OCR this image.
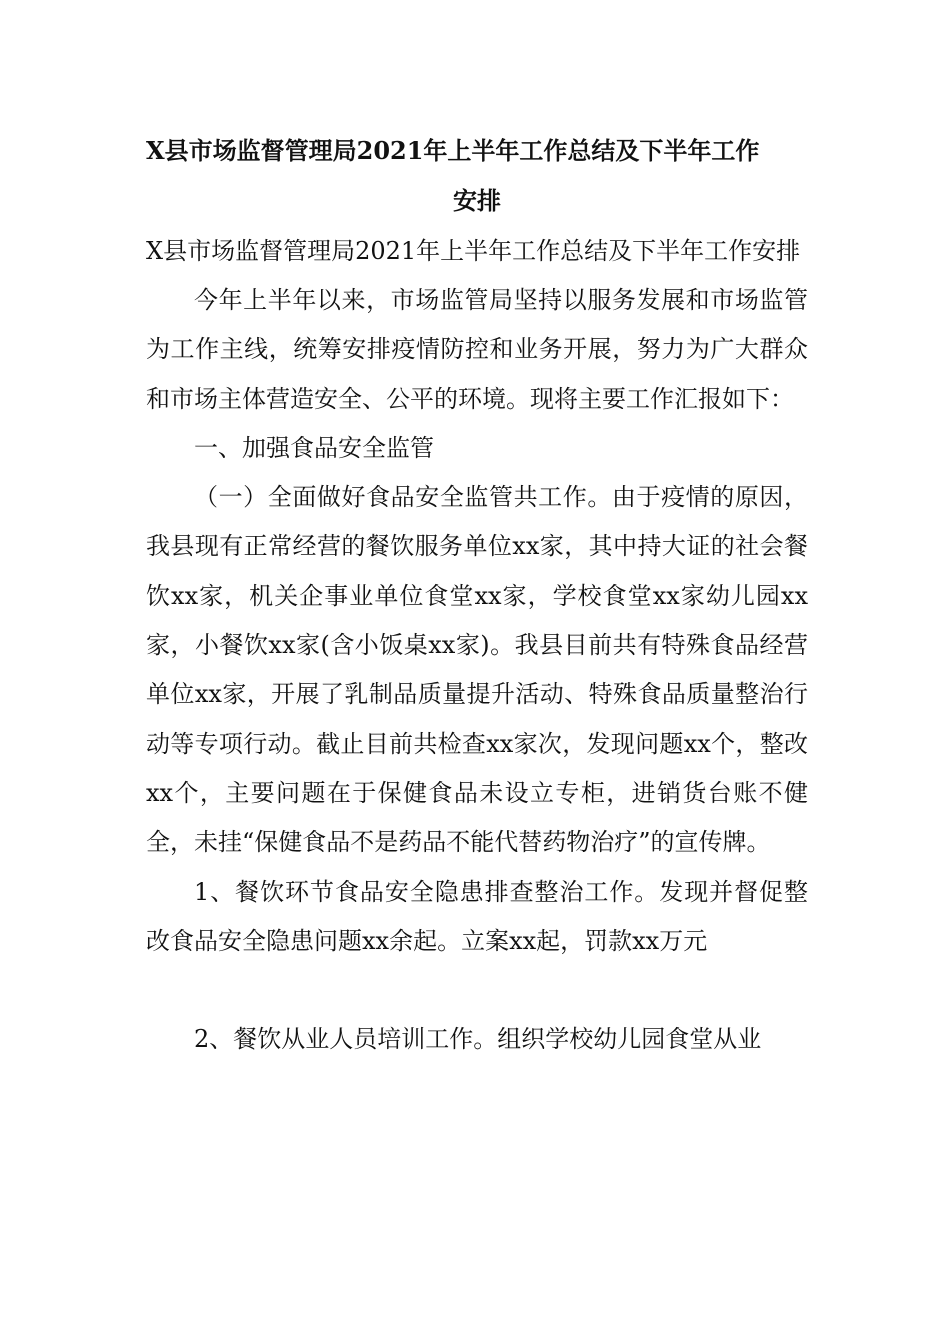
X县市场监督管理局2021年上半年工作总结及下半年工作
安排

X县市场监督管理局2021年上半年工作总结及下半年工作安排

今年上半年以来，市场监管局坚持以服务发展和市场监管为工作主线，统筹安排疫情防控和业务开展，努力为广大群众和市场主体营造安全、公平的环境。现将主要工作汇报如下：

一、加强食品安全监管

（一）全面做好食品安全监管共工作。由于疫情的原因，我县现有正常经营的餐饮服务单位xx家，其中持大证的社会餐饮xx家，机关企事业单位食堂xx家，学校食堂xx家幼儿园xx家，小餐饮xx家(含小饭桌xx家)。我县目前共有特殊食品经营单位xx家，开展了乳制品质量提升活动、特殊食品质量整治行动等专项行动。截止目前共检查xx家次，发现问题xx个，整改xx个，主要问题在于保健食品未设立专柜，进销货台账不健全，未挂“保健食品不是药品不能代替药物治疗”的宣传牌。

1、餐饮环节食品安全隐患排查整治工作。发现并督促整改食品安全隐患问题xx余起。立案xx起，罚款xx万元

2、餐饮从业人员培训工作。组织学校幼儿园食堂从业
